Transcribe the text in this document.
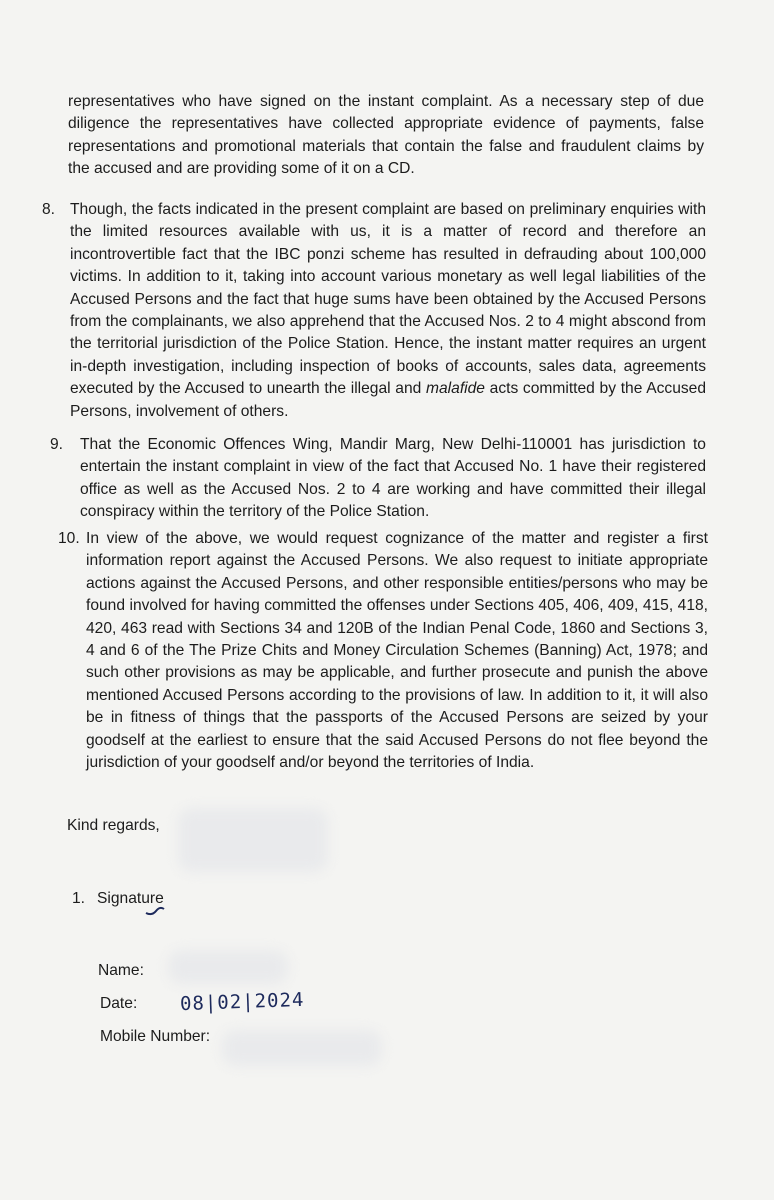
representatives who have signed on the instant complaint. As a necessary step of due diligence the representatives have collected appropriate evidence of payments, false representations and promotional materials that contain the false and fraudulent claims by the accused and are providing some of it on a CD.

8. Though, the facts indicated in the present complaint are based on preliminary enquiries with the limited resources available with us, it is a matter of record and therefore an incontrovertible fact that the IBC ponzi scheme has resulted in defrauding about 100,000 victims. In addition to it, taking into account various monetary as well legal liabilities of the Accused Persons and the fact that huge sums have been obtained by the Accused Persons from the complainants, we also apprehend that the Accused Nos. 2 to 4 might abscond from the territorial jurisdiction of the Police Station. Hence, the instant matter requires an urgent in-depth investigation, including inspection of books of accounts, sales data, agreements executed by the Accused to unearth the illegal and malafide acts committed by the Accused Persons, involvement of others.

9. That the Economic Offences Wing, Mandir Marg, New Delhi-110001 has jurisdiction to entertain the instant complaint in view of the fact that Accused No. 1 have their registered office as well as the Accused Nos. 2 to 4 are working and have committed their illegal conspiracy within the territory of the Police Station.

10. In view of the above, we would request cognizance of the matter and register a first information report against the Accused Persons. We also request to initiate appropriate actions against the Accused Persons, and other responsible entities/persons who may be found involved for having committed the offenses under Sections 405, 406, 409, 415, 418, 420, 463 read with Sections 34 and 120B of the Indian Penal Code, 1860 and Sections 3, 4 and 6 of the The Prize Chits and Money Circulation Schemes (Banning) Act, 1978; and such other provisions as may be applicable, and further prosecute and punish the above mentioned Accused Persons according to the provisions of law. In addition to it, it will also be in fitness of things that the passports of the Accused Persons are seized by your goodself at the earliest to ensure that the said Accused Persons do not flee beyond the jurisdiction of your goodself and/or beyond the territories of India.

Kind regards,
1. Signature
Name:
Date: 08|02|2024
Mobile Number:
